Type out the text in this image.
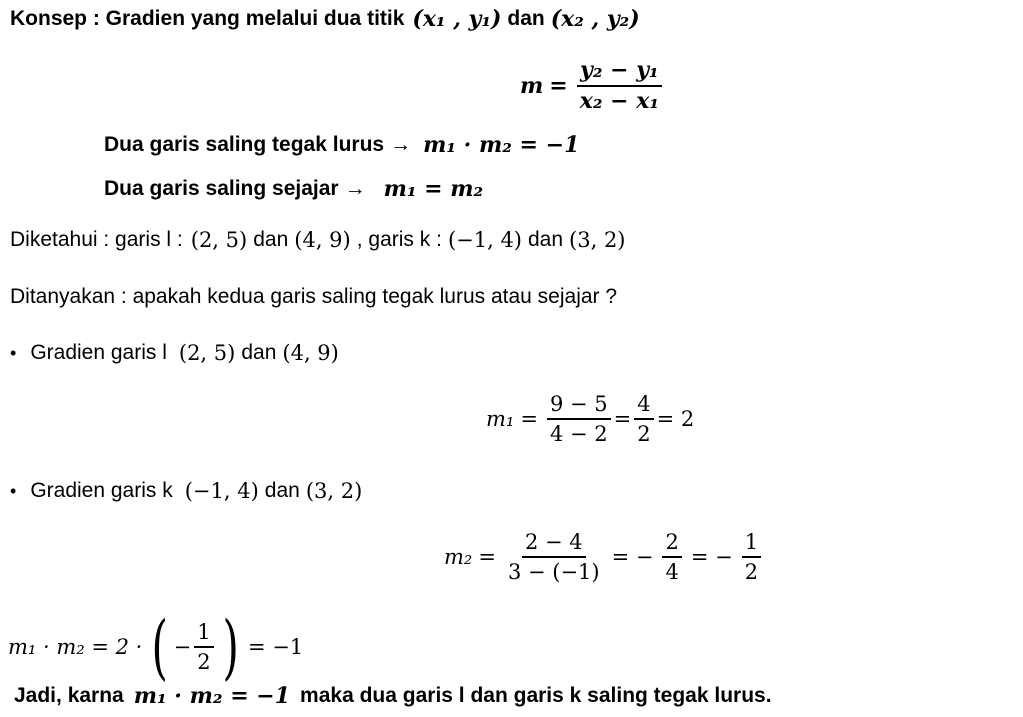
Konsep : Gradien yang melalui dua titik (x₁ , y₁) dan (x₂ , y₂)
$m = \frac{\text{y₂ − y₁}}{\text{x₂ − x₁}}$
Dua garis saling tegak lurus → m₁ · m₂ = −1
Dua garis saling sejajar → m₁ = m₂
Diketahui : garis l : (2, 5) dan (4, 9) , garis k : (−1, 4) dan (3, 2)
Ditanyakan : apakah kedua garis saling tegak lurus atau sejajar ?
• Gradien garis l (2, 5) dan (4, 9)
$m_1 = \frac{9 - 5}{4 - 2} = \frac{4}{2} = 2$
• Gradien garis k (−1, 4) dan (3, 2)
$m_2 = \frac{2 - 4}{3 - (-1)}$ = − $\frac{2}{4}$ = − $\frac{1}{2}$
m₁ · m₂ = 2 · ( − $\frac{1}{2}$ ) = −1
Jadi, karna m₁ · m₂ = −1 maka dua garis l dan garis k saling tegak lurus.
